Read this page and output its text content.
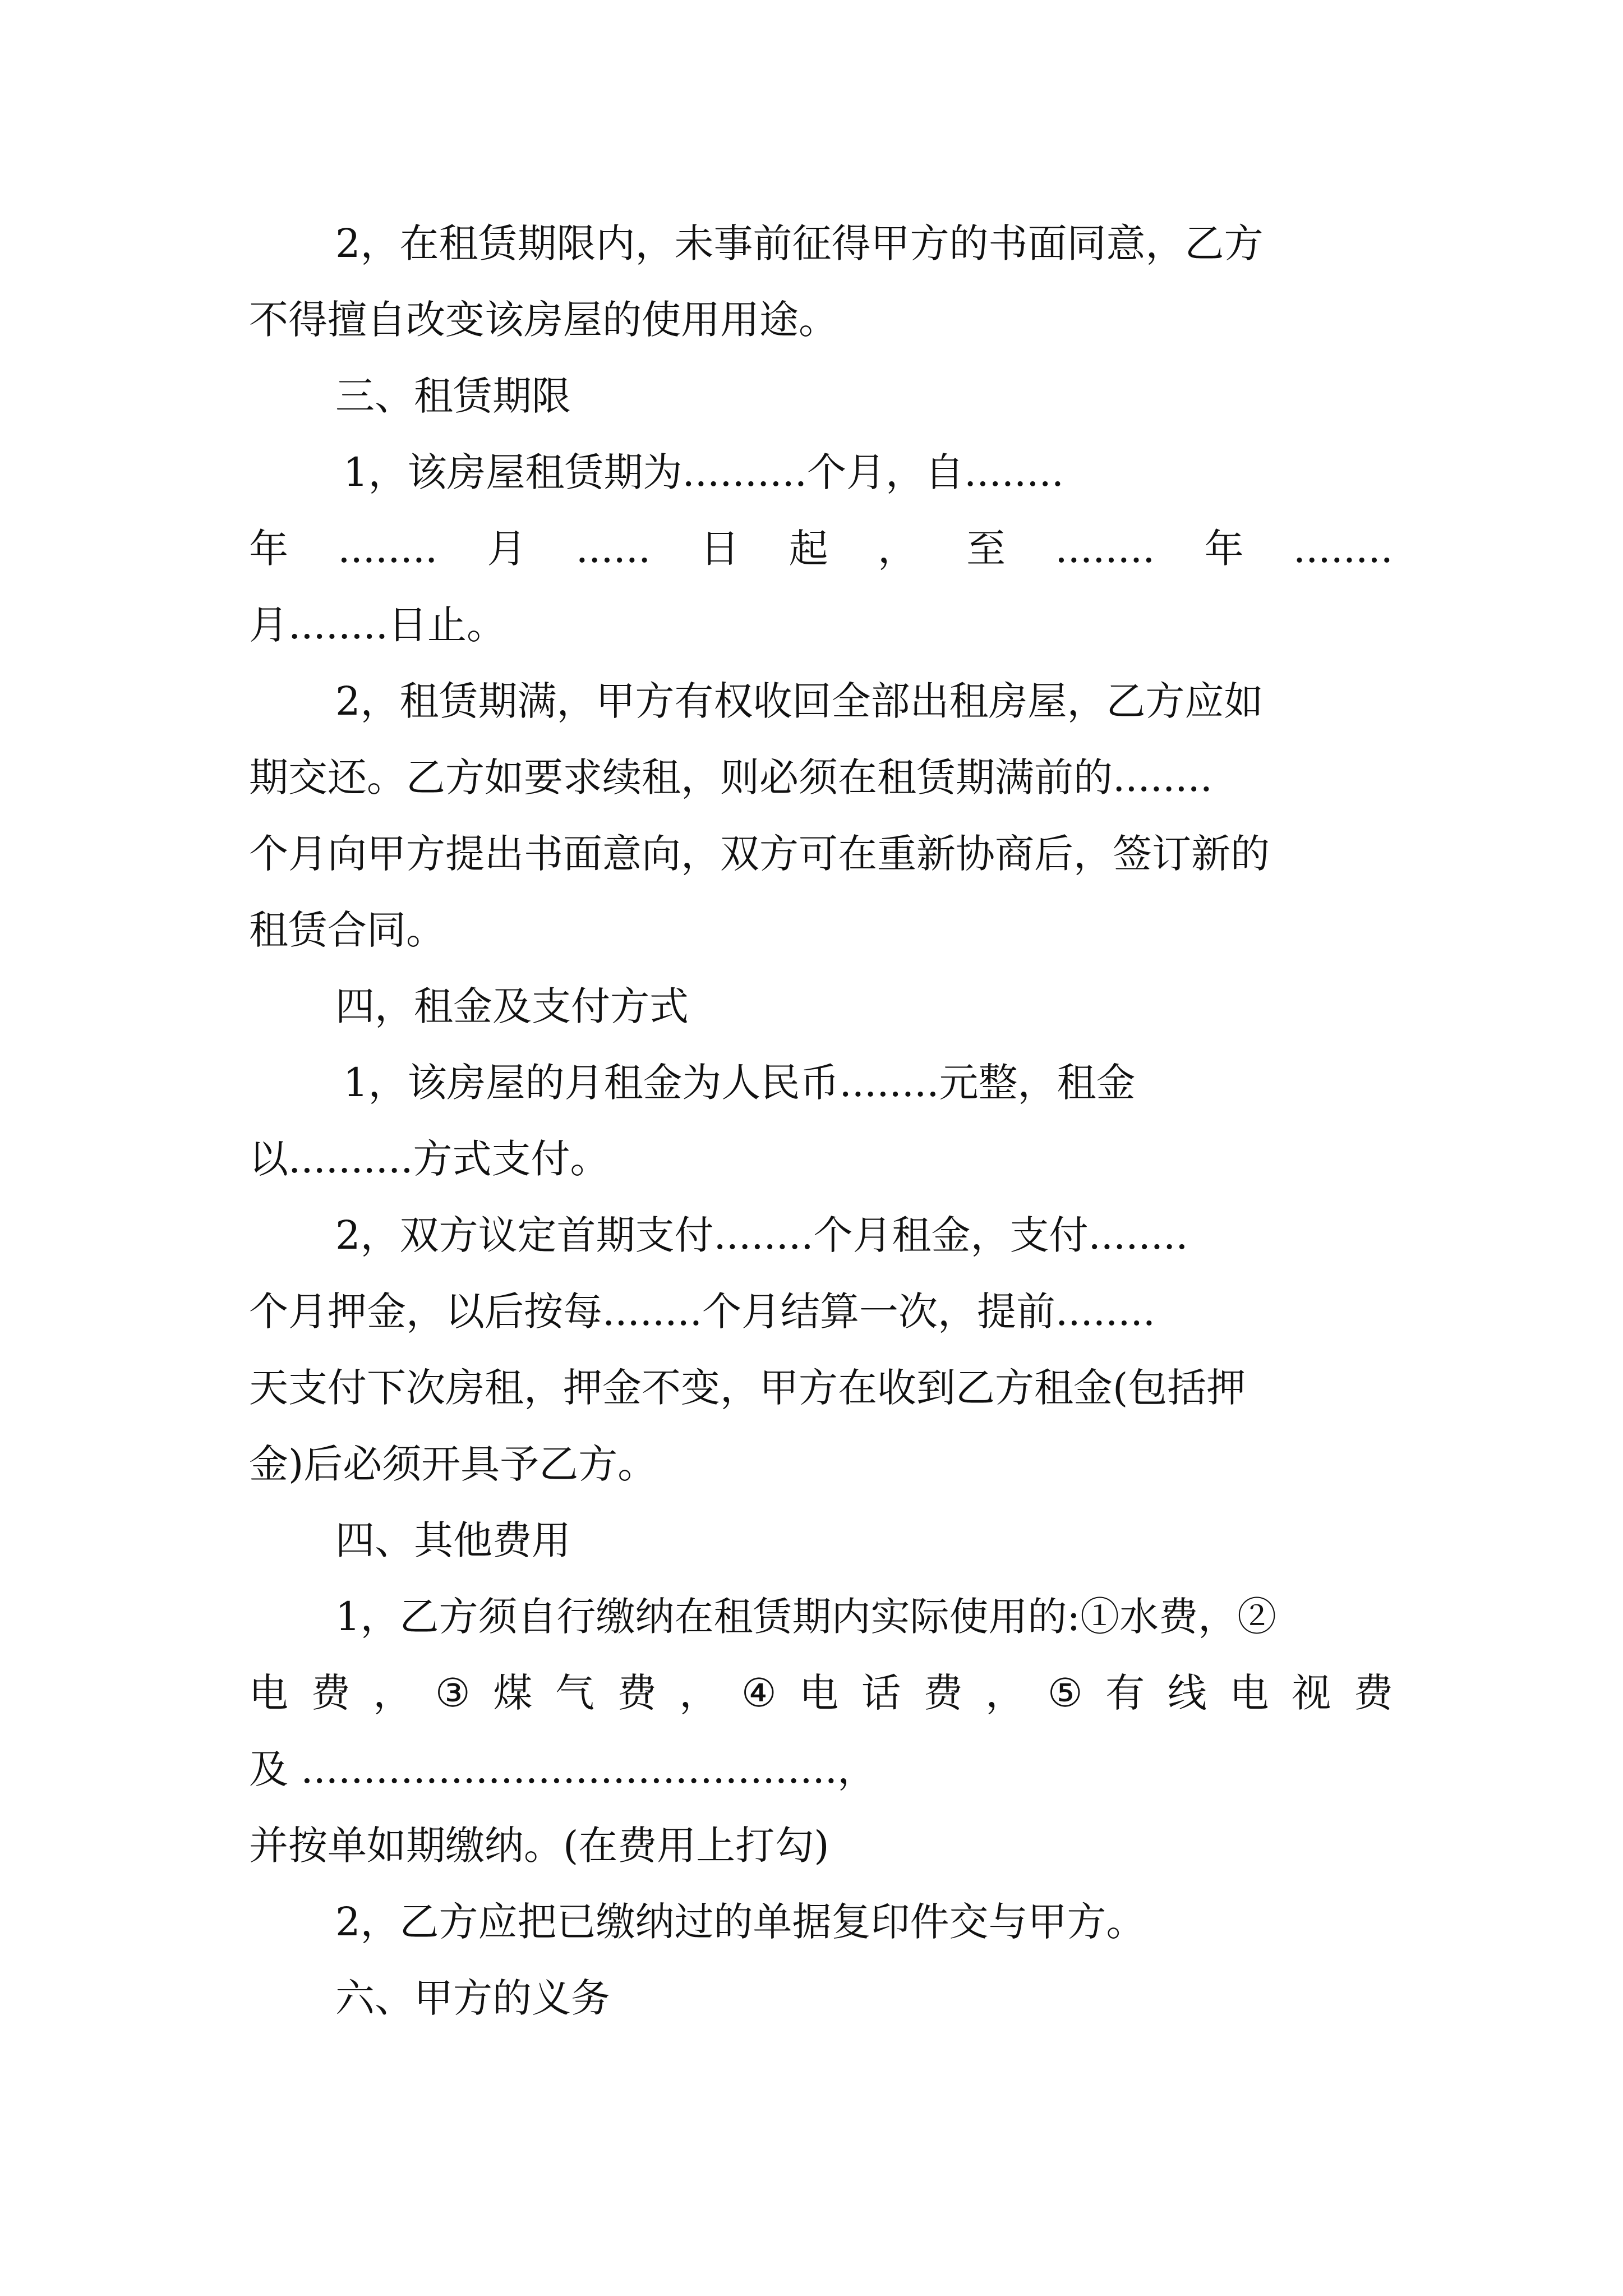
2，在租赁期限内，未事前征得甲方的书面同意，乙方
不得擅自改变该房屋的使用用途。
三、租赁期限
1，该房屋租赁期为..........个月，自........
年 ........ 月 ...... 日 起 ， 至 ........ 年 ........
月........日止。
2，租赁期满，甲方有权收回全部出租房屋，乙方应如
期交还。乙方如要求续租，则必须在租赁期满前的........
个月向甲方提出书面意向，双方可在重新协商后，签订新的
租赁合同。
四，租金及支付方式
1，该房屋的月租金为人民币........元整，租金
以..........方式支付。
2，双方议定首期支付........个月租金，支付........
个月押金，以后按每........个月结算一次，提前........
天支付下次房租，押金不变，甲方在收到乙方租金(包括押
金)后必须开具予乙方。
四、其他费用
1，乙方须自行缴纳在租赁期内实际使用的:①水费，②
电 费 ， ③ 煤 气 费 ， ④ 电 话 费 ， ⑤ 有 线 电 视 费
及 ...........................................，
并按单如期缴纳。(在费用上打勾)
2，乙方应把已缴纳过的单据复印件交与甲方。
六、甲方的义务
